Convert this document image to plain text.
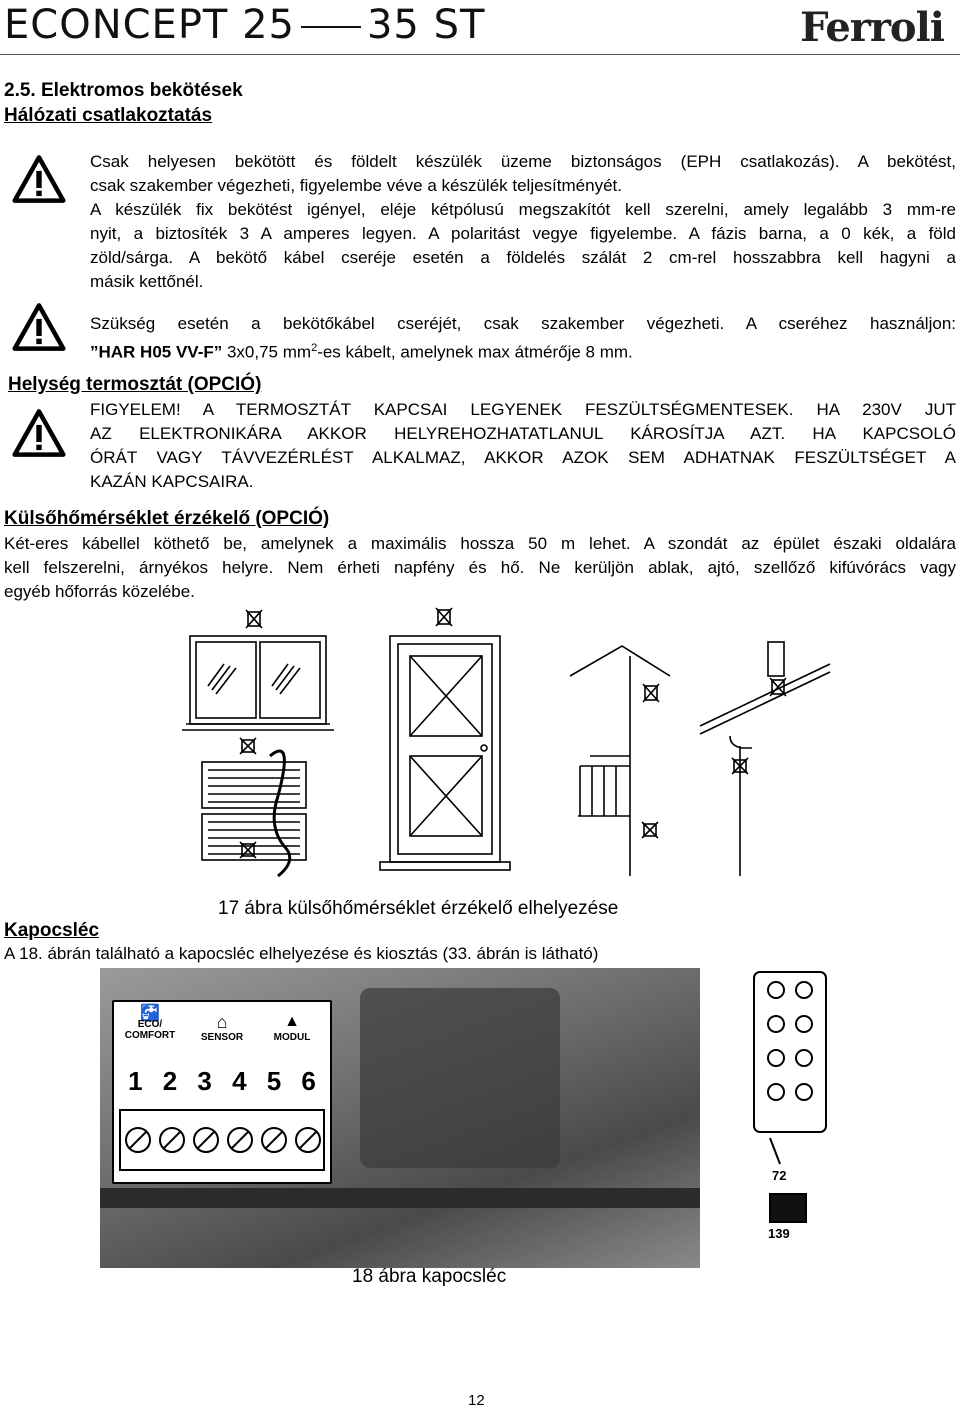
ECONCEPT 25 35 ST	Ferroli
2.5. Elektromos bekötések
Hálózati csatlakoztatás
Csak helyesen bekötött és földelt készülék üzeme biztonságos (EPH csatlakozás). A bekötést,
csak szakember végezheti, figyelembe véve a készülék teljesítményét.
A készülék fix bekötést igényel, eléje kétpólusú megszakítót kell szerelni, amely legalább 3 mm-re
nyit, a biztosíték 3 A amperes legyen. A polaritást vegye figyelembe. A fázis barna, a 0 kék, a föld
zöld/sárga. A bekötő kábel cseréje esetén a földelés szálát 2 cm-rel hosszabbra kell hagyni a
másik kettőnél.
Szükség esetén a bekötőkábel cseréjét, csak szakember végezheti. A cseréhez használjon:
”HAR H05 VV-F” 3x0,75 $mm^2-es$ kábelt, amelynek max átmérője 8 mm.
Helység termosztát (OPCIÓ)
FIGYELEM! A TERMOSZTÁT KAPCSAI LEGYENEK FESZÜLTSÉGMENTESEK. HA 230V JUT
AZ ELEKTRONIKÁRA AKKOR HELYREHOZHATATLANUL KÁROSÍTJA AZT. HA KAPCSOLÓ
ÓRÁT VAGY TÁVVEZÉRLÉST ALKALMAZ, AKKOR AZOK SEM ADHATNAK FESZÜLTSÉGET A
KAZÁN KAPCSAIRA.
Külsőhőmérséklet érzékelő (OPCIÓ)
Két-eres kábellel köthető be, amelynek a maximális hossza 50 m lehet. A szondát az épület északi oldalára
kell felszerelni, árnyékos helyre. Nem érheti napfény és hő. Ne kerüljön ablak, ajtó, szellőző kifúvórács vagy
egyéb hőforrás közelébe.
17 ábra külsőhőmérséklet érzékelő elhelyezése
Kapocsléc
A 18. ábrán található a kapocsléc elhelyezése és kiosztás (33. ábrán is látható)
🚰
ECO/
COMFORT
⌂
SENSOR
▲
MODUL
1 2 3 4 5 6
72
139
18 ábra kapocsléc
12
